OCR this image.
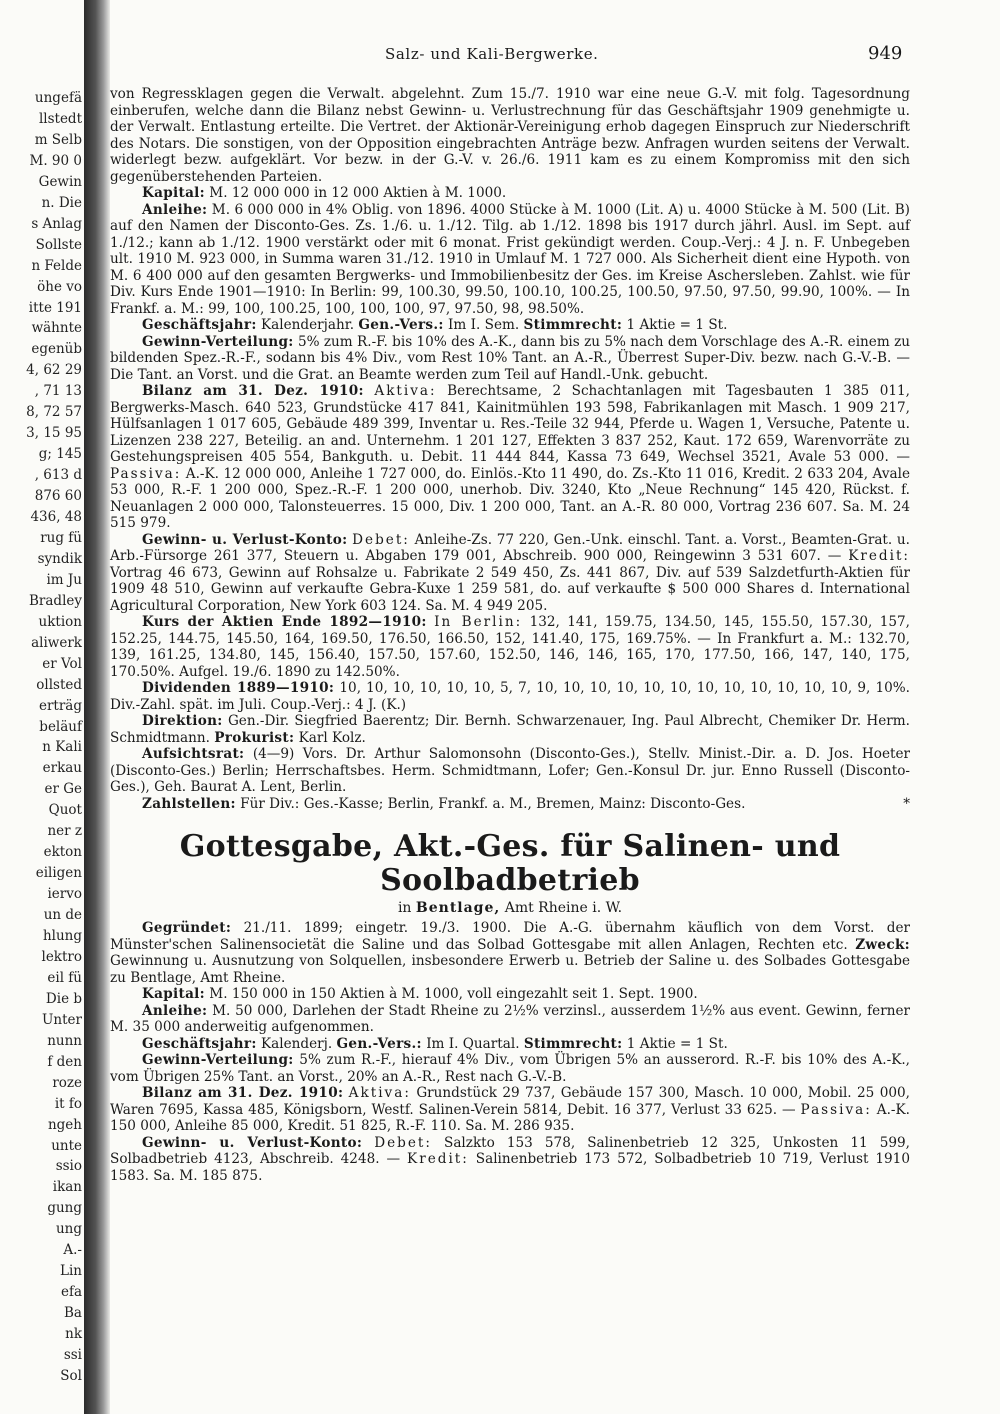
ungefä
llstedt
m Selb
M. 90 0
Gewin
n. Die
s Anlag
Sollste
n Felde
öhe vo
itte 191
wähnte
egenüb
4, 62 29
, 71 13
8, 72 57
3, 15 95
g; 145
, 613 d
876 60
436, 48
rug fü
syndik
im Ju
Bradley
uktion
aliwerk
er Vol
ollsted
erträg
beläuf
n Kali
erkau
er Ge
Quot
ner z
ekton
eiligen
iervo
un de
hlung
lektro
eil fü
Die b
Unter
nunn
f den
roze
it fo
ngeh
unte
ssio
ikan
gung
ung
A.-
Lin
efa
Ba
nk
ssi
Sol
Salz- und Kali-Bergwerke.	949

von Regressklagen gegen die Verwalt. abgelehnt. Zum 15./7. 1910 war eine neue G.-V. mit folg. Tagesordnung einberufen, welche dann die Bilanz nebst Gewinn- u. Verlustrechnung für das Geschäftsjahr 1909 genehmigte u. der Verwalt. Entlastung erteilte. Die Vertret. der Aktionär-Vereinigung erhob dagegen Einspruch zur Niederschrift des Notars. Die sonstigen, von der Opposition eingebrachten Anträge bezw. Anfragen wurden seitens der Verwalt. widerlegt bezw. aufgeklärt. Vor bezw. in der G.-V. v. 26./6. 1911 kam es zu einem Kompromiss mit den sich gegenüberstehenden Parteien.

Kapital: M. 12 000 000 in 12 000 Aktien à M. 1000.

Anleihe: M. 6 000 000 in 4% Oblig. von 1896. 4000 Stücke à M. 1000 (Lit. A) u. 4000 Stücke à M. 500 (Lit. B) auf den Namen der Disconto-Ges. Zs. 1./6. u. 1./12. Tilg. ab 1./12. 1898 bis 1917 durch jährl. Ausl. im Sept. auf 1./12.; kann ab 1./12. 1900 verstärkt oder mit 6 monat. Frist gekündigt werden. Coup.-Verj.: 4 J. n. F. Unbegeben ult. 1910 M. 923 000, in Summa waren 31./12. 1910 in Umlauf M. 1 727 000. Als Sicherheit dient eine Hypoth. von M. 6 400 000 auf den gesamten Bergwerks- und Immobilienbesitz der Ges. im Kreise Aschersleben. Zahlst. wie für Div. Kurs Ende 1901—1910: In Berlin: 99, 100.30, 99.50, 100.10, 100.25, 100.50, 97.50, 97.50, 99.90, 100%. — In Frankf. a. M.: 99, 100, 100.25, 100, 100, 100, 97, 97.50, 98, 98.50%.

Geschäftsjahr: Kalenderjahr. Gen.-Vers.: Im I. Sem. Stimmrecht: 1 Aktie = 1 St.

Gewinn-Verteilung: 5% zum R.-F. bis 10% des A.-K., dann bis zu 5% nach dem Vorschlage des A.-R. einem zu bildenden Spez.-R.-F., sodann bis 4% Div., vom Rest 10% Tant. an A.-R., Überrest Super-Div. bezw. nach G.-V.-B. — Die Tant. an Vorst. und die Grat. an Beamte werden zum Teil auf Handl.-Unk. gebucht.

Bilanz am 31. Dez. 1910: Aktiva: Berechtsame, 2 Schachtanlagen mit Tagesbauten 1 385 011, Bergwerks-Masch. 640 523, Grundstücke 417 841, Kainitmühlen 193 598, Fabrikanlagen mit Masch. 1 909 217, Hülfsanlagen 1 017 605, Gebäude 489 399, Inventar u. Res.-Teile 32 944, Pferde u. Wagen 1, Versuche, Patente u. Lizenzen 238 227, Beteilig. an and. Unternehm. 1 201 127, Effekten 3 837 252, Kaut. 172 659, Warenvorräte zu Gestehungspreisen 405 554, Bankguth. u. Debit. 11 444 844, Kassa 73 649, Wechsel 3521, Avale 53 000. — Passiva: A.-K. 12 000 000, Anleihe 1 727 000, do. Einlös.-Kto 11 490, do. Zs.-Kto 11 016, Kredit. 2 633 204, Avale 53 000, R.-F. 1 200 000, Spez.-R.-F. 1 200 000, unerhob. Div. 3240, Kto „Neue Rechnung“ 145 420, Rückst. f. Neuanlagen 2 000 000, Talonsteuerres. 15 000, Div. 1 200 000, Tant. an A.-R. 80 000, Vortrag 236 607. Sa. M. 24 515 979.

Gewinn- u. Verlust-Konto: Debet: Anleihe-Zs. 77 220, Gen.-Unk. einschl. Tant. a. Vorst., Beamten-Grat. u. Arb.-Fürsorge 261 377, Steuern u. Abgaben 179 001, Abschreib. 900 000, Reingewinn 3 531 607. — Kredit: Vortrag 46 673, Gewinn auf Rohsalze u. Fabrikate 2 549 450, Zs. 441 867, Div. auf 539 Salzdetfurth-Aktien für 1909 48 510, Gewinn auf verkaufte Gebra-Kuxe 1 259 581, do. auf verkaufte $ 500 000 Shares d. International Agricultural Corporation, New York 603 124. Sa. M. 4 949 205.

Kurs der Aktien Ende 1892—1910: In Berlin: 132, 141, 159.75, 134.50, 145, 155.50, 157.30, 157, 152.25, 144.75, 145.50, 164, 169.50, 176.50, 166.50, 152, 141.40, 175, 169.75%. — In Frankfurt a. M.: 132.70, 139, 161.25, 134.80, 145, 156.40, 157.50, 157.60, 152.50, 146, 146, 165, 170, 177.50, 166, 147, 140, 175, 170.50%. Aufgel. 19./6. 1890 zu 142.50%.

Dividenden 1889—1910: 10, 10, 10, 10, 10, 10, 5, 7, 10, 10, 10, 10, 10, 10, 10, 10, 10, 10, 10, 10, 9, 10%. Div.-Zahl. spät. im Juli. Coup.-Verj.: 4 J. (K.)

Direktion: Gen.-Dir. Siegfried Baerentz; Dir. Bernh. Schwarzenauer, Ing. Paul Albrecht, Chemiker Dr. Herm. Schmidtmann. Prokurist: Karl Kolz.

Aufsichtsrat: (4—9) Vors. Dr. Arthur Salomonsohn (Disconto-Ges.), Stellv. Minist.-Dir. a. D. Jos. Hoeter (Disconto-Ges.) Berlin; Herrschaftsbes. Herm. Schmidtmann, Lofer; Gen.-Konsul Dr. jur. Enno Russell (Disconto-Ges.), Geh. Baurat A. Lent, Berlin.

Zahlstellen: Für Div.: Ges.-Kasse; Berlin, Frankf. a. M., Bremen, Mainz: Disconto-Ges.	*

Gottesgabe, Akt.-Ges. für Salinen- und Soolbadbetrieb
in Bentlage, Amt Rheine i. W.

Gegründet: 21./11. 1899; eingetr. 19./3. 1900. Die A.-G. übernahm käuflich von dem Vorst. der Münster'schen Salinensocietät die Saline und das Solbad Gottesgabe mit allen Anlagen, Rechten etc. Zweck: Gewinnung u. Ausnutzung von Solquellen, insbesondere Erwerb u. Betrieb der Saline u. des Solbades Gottesgabe zu Bentlage, Amt Rheine.

Kapital: M. 150 000 in 150 Aktien à M. 1000, voll eingezahlt seit 1. Sept. 1900.

Anleihe: M. 50 000, Darlehen der Stadt Rheine zu 2½% verzinsl., ausserdem 1½% aus event. Gewinn, ferner M. 35 000 anderweitig aufgenommen.

Geschäftsjahr: Kalenderj. Gen.-Vers.: Im I. Quartal. Stimmrecht: 1 Aktie = 1 St.

Gewinn-Verteilung: 5% zum R.-F., hierauf 4% Div., vom Übrigen 5% an ausserord. R.-F. bis 10% des A.-K., vom Übrigen 25% Tant. an Vorst., 20% an A.-R., Rest nach G.-V.-B.

Bilanz am 31. Dez. 1910: Aktiva: Grundstück 29 737, Gebäude 157 300, Masch. 10 000, Mobil. 25 000, Waren 7695, Kassa 485, Königsborn, Westf. Salinen-Verein 5814, Debit. 16 377, Verlust 33 625. — Passiva: A.-K. 150 000, Anleihe 85 000, Kredit. 51 825, R.-F. 110. Sa. M. 286 935.

Gewinn- u. Verlust-Konto: Debet: Salzkto 153 578, Salinenbetrieb 12 325, Unkosten 11 599, Solbadbetrieb 4123, Abschreib. 4248. — Kredit: Salinenbetrieb 173 572, Solbadbetrieb 10 719, Verlust 1910 1583. Sa. M. 185 875.
